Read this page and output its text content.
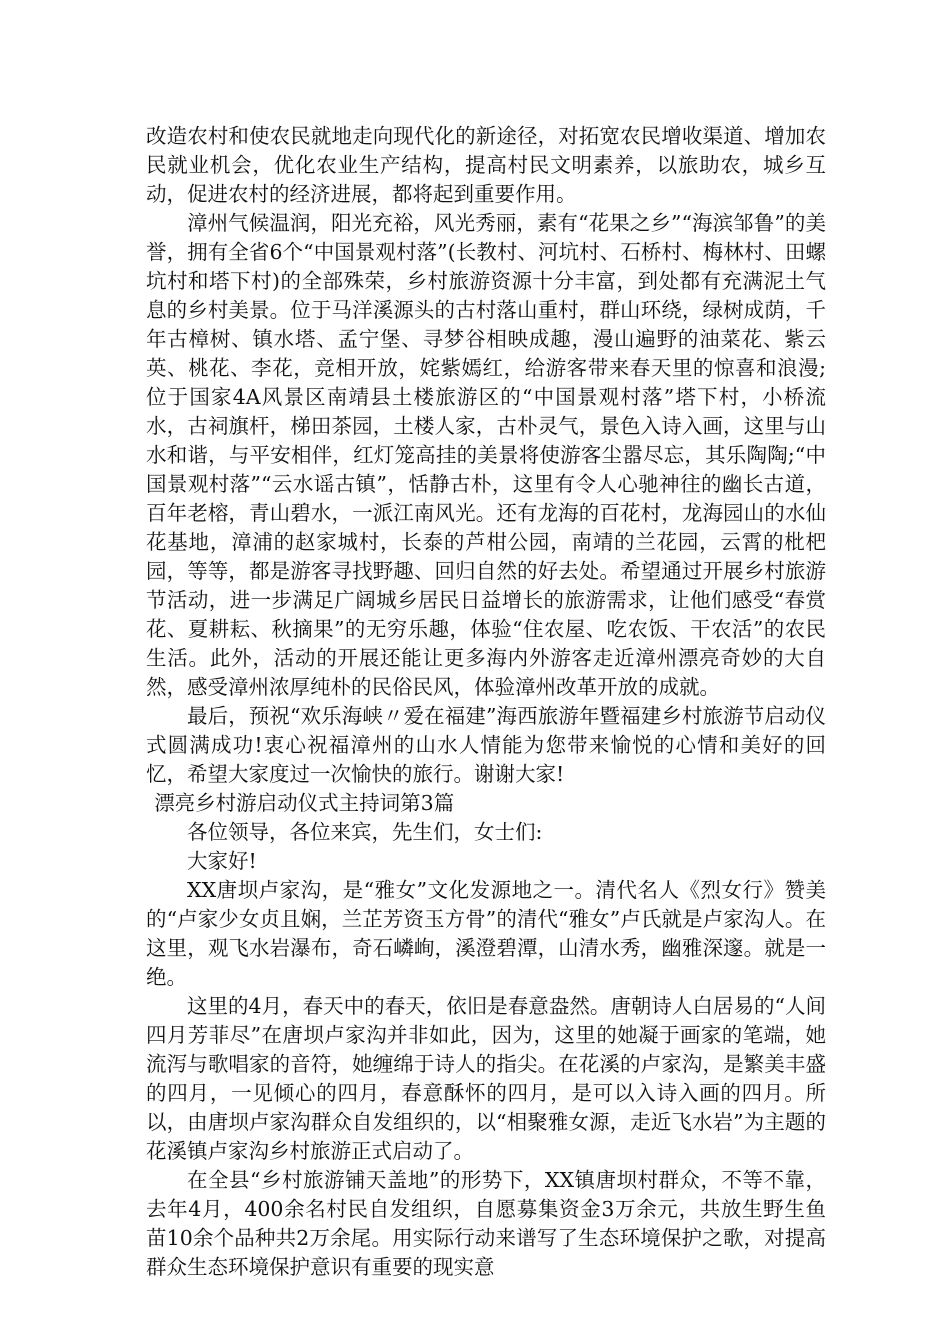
改造农村和使农民就地走向现代化的新途径，对拓宽农民增收渠道、增加农民就业机会，优化农业生产结构，提高村民文明素养，以旅助农，城乡互动，促进农村的经济进展，都将起到重要作用。

漳州气候温润，阳光充裕，风光秀丽，素有“花果之乡”“海滨邹鲁”的美誉，拥有全省6个“中国景观村落”(长教村、河坑村、石桥村、梅林村、田螺坑村和塔下村)的全部殊荣，乡村旅游资源十分丰富，到处都有充满泥土气息的乡村美景。位于马洋溪源头的古村落山重村，群山环绕，绿树成荫，千年古樟树、镇水塔、孟宁堡、寻梦谷相映成趣，漫山遍野的油菜花、紫云英、桃花、李花，竞相开放，姹紫嫣红，给游客带来春天里的惊喜和浪漫;位于国家4A风景区南靖县土楼旅游区的“中国景观村落”塔下村，小桥流水，古祠旗杆，梯田茶园，土楼人家，古朴灵气，景色入诗入画，这里与山水和谐，与平安相伴，红灯笼高挂的美景将使游客尘嚣尽忘，其乐陶陶;“中国景观村落”“云水谣古镇”，恬静古朴，这里有令人心驰神往的幽长古道，百年老榕，青山碧水，一派江南风光。还有龙海的百花村，龙海园山的水仙花基地，漳浦的赵家城村，长泰的芦柑公园，南靖的兰花园，云霄的枇杷园，等等，都是游客寻找野趣、回归自然的好去处。希望通过开展乡村旅游节活动，进一步满足广阔城乡居民日益增长的旅游需求，让他们感受“春赏花、夏耕耘、秋摘果”的无穷乐趣，体验“住农屋、吃农饭、干农活”的农民生活。此外，活动的开展还能让更多海内外游客走近漳州漂亮奇妙的大自然，感受漳州浓厚纯朴的民俗民风，体验漳州改革开放的成就。

最后，预祝“欢乐海峡〃爱在福建”海西旅游年暨福建乡村旅游节启动仪式圆满成功!衷心祝福漳州的山水人情能为您带来愉悦的心情和美好的回忆，希望大家度过一次愉快的旅行。谢谢大家!

漂亮乡村游启动仪式主持词第3篇

各位领导，各位来宾，先生们，女士们:

大家好!

XX唐坝卢家沟，是“雅女”文化发源地之一。清代名人《烈女行》赞美的“卢家少女贞且娴，兰芷芳资玉方骨”的清代“雅女”卢氏就是卢家沟人。在这里，观飞水岩瀑布，奇石嶙峋，溪澄碧潭，山清水秀，幽雅深邃。就是一绝。

这里的4月，春天中的春天，依旧是春意盎然。唐朝诗人白居易的“人间四月芳菲尽”在唐坝卢家沟并非如此，因为，这里的她凝于画家的笔端，她流泻与歌唱家的音符，她缠绵于诗人的指尖。在花溪的卢家沟，是繁美丰盛的四月，一见倾心的四月，春意酥怀的四月，是可以入诗入画的四月。所以，由唐坝卢家沟群众自发组织的，以“相聚雅女源，走近飞水岩”为主题的花溪镇卢家沟乡村旅游正式启动了。

在全县“乡村旅游铺天盖地”的形势下，XX镇唐坝村群众，不等不靠，去年4月，400余名村民自发组织，自愿募集资金3万余元，共放生野生鱼苗10余个品种共2万余尾。用实际行动来谱写了生态环境保护之歌，对提高群众生态环境保护意识有重要的现实意
